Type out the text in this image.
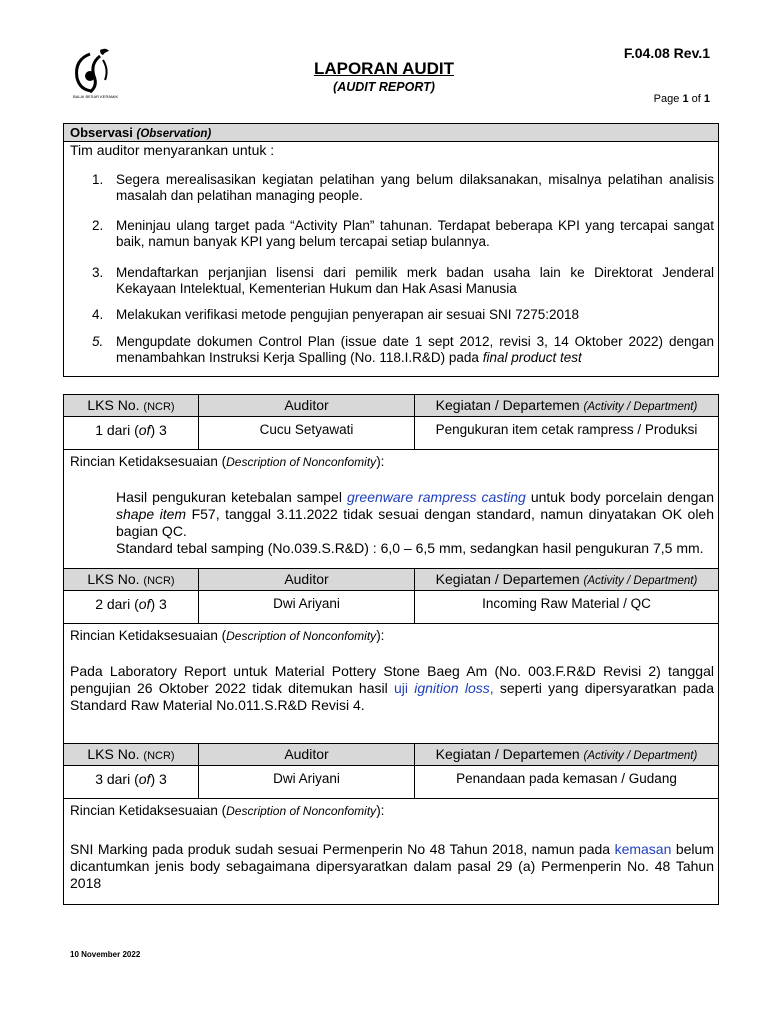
BALAI BESAR KERAMIK
F.04.08 Rev.1
LAPORAN AUDIT
(AUDIT REPORT)
Page 1 of 1
Observasi (Observation)
Tim auditor menyarankan untuk :
1. Segera merealisasikan kegiatan pelatihan yang belum dilaksanakan, misalnya pelatihan analisis masalah dan pelatihan managing people.
2. Meninjau ulang target pada “Activity Plan” tahunan. Terdapat beberapa KPI yang tercapai sangat baik, namun banyak KPI yang belum tercapai setiap bulannya.
3. Mendaftarkan perjanjian lisensi dari pemilik merk badan usaha lain ke Direktorat Jenderal Kekayaan Intelektual, Kementerian Hukum dan Hak Asasi Manusia
4. Melakukan verifikasi metode pengujian penyerapan air sesuai SNI 7275:2018
5. Mengupdate dokumen Control Plan (issue date 1 sept 2012, revisi 3, 14 Oktober 2022) dengan menambahkan Instruksi Kerja Spalling (No. 118.I.R&D) pada final product test
LKS No. (NCR)	Auditor	Kegiatan / Departemen (Activity / Department)
1 dari (of) 3	Cucu Setyawati	Pengukuran item cetak rampress / Produksi
Rincian Ketidaksesuaian (Description of Nonconfomity):
Hasil pengukuran ketebalan sampel greenware rampress casting untuk body porcelain dengan shape item F57, tanggal 3.11.2022 tidak sesuai dengan standard, namun dinyatakan OK oleh bagian QC.
Standard tebal samping (No.039.S.R&D) : 6,0 – 6,5 mm, sedangkan hasil pengukuran 7,5 mm.
LKS No. (NCR)	Auditor	Kegiatan / Departemen (Activity / Department)
2 dari (of) 3	Dwi Ariyani	Incoming Raw Material / QC
Rincian Ketidaksesuaian (Description of Nonconfomity):
Pada Laboratory Report untuk Material Pottery Stone Baeg Am (No. 003.F.R&D Revisi 2) tanggal pengujian 26 Oktober 2022 tidak ditemukan hasil uji ignition loss, seperti yang dipersyaratkan pada Standard Raw Material No.011.S.R&D Revisi 4.
LKS No. (NCR)	Auditor	Kegiatan / Departemen (Activity / Department)
3 dari (of) 3	Dwi Ariyani	Penandaan pada kemasan / Gudang
Rincian Ketidaksesuaian (Description of Nonconfomity):
SNI Marking pada produk sudah sesuai Permenperin No 48 Tahun 2018, namun pada kemasan belum dicantumkan jenis body sebagaimana dipersyaratkan dalam pasal 29 (a) Permenperin No. 48 Tahun 2018
10 November 2022
